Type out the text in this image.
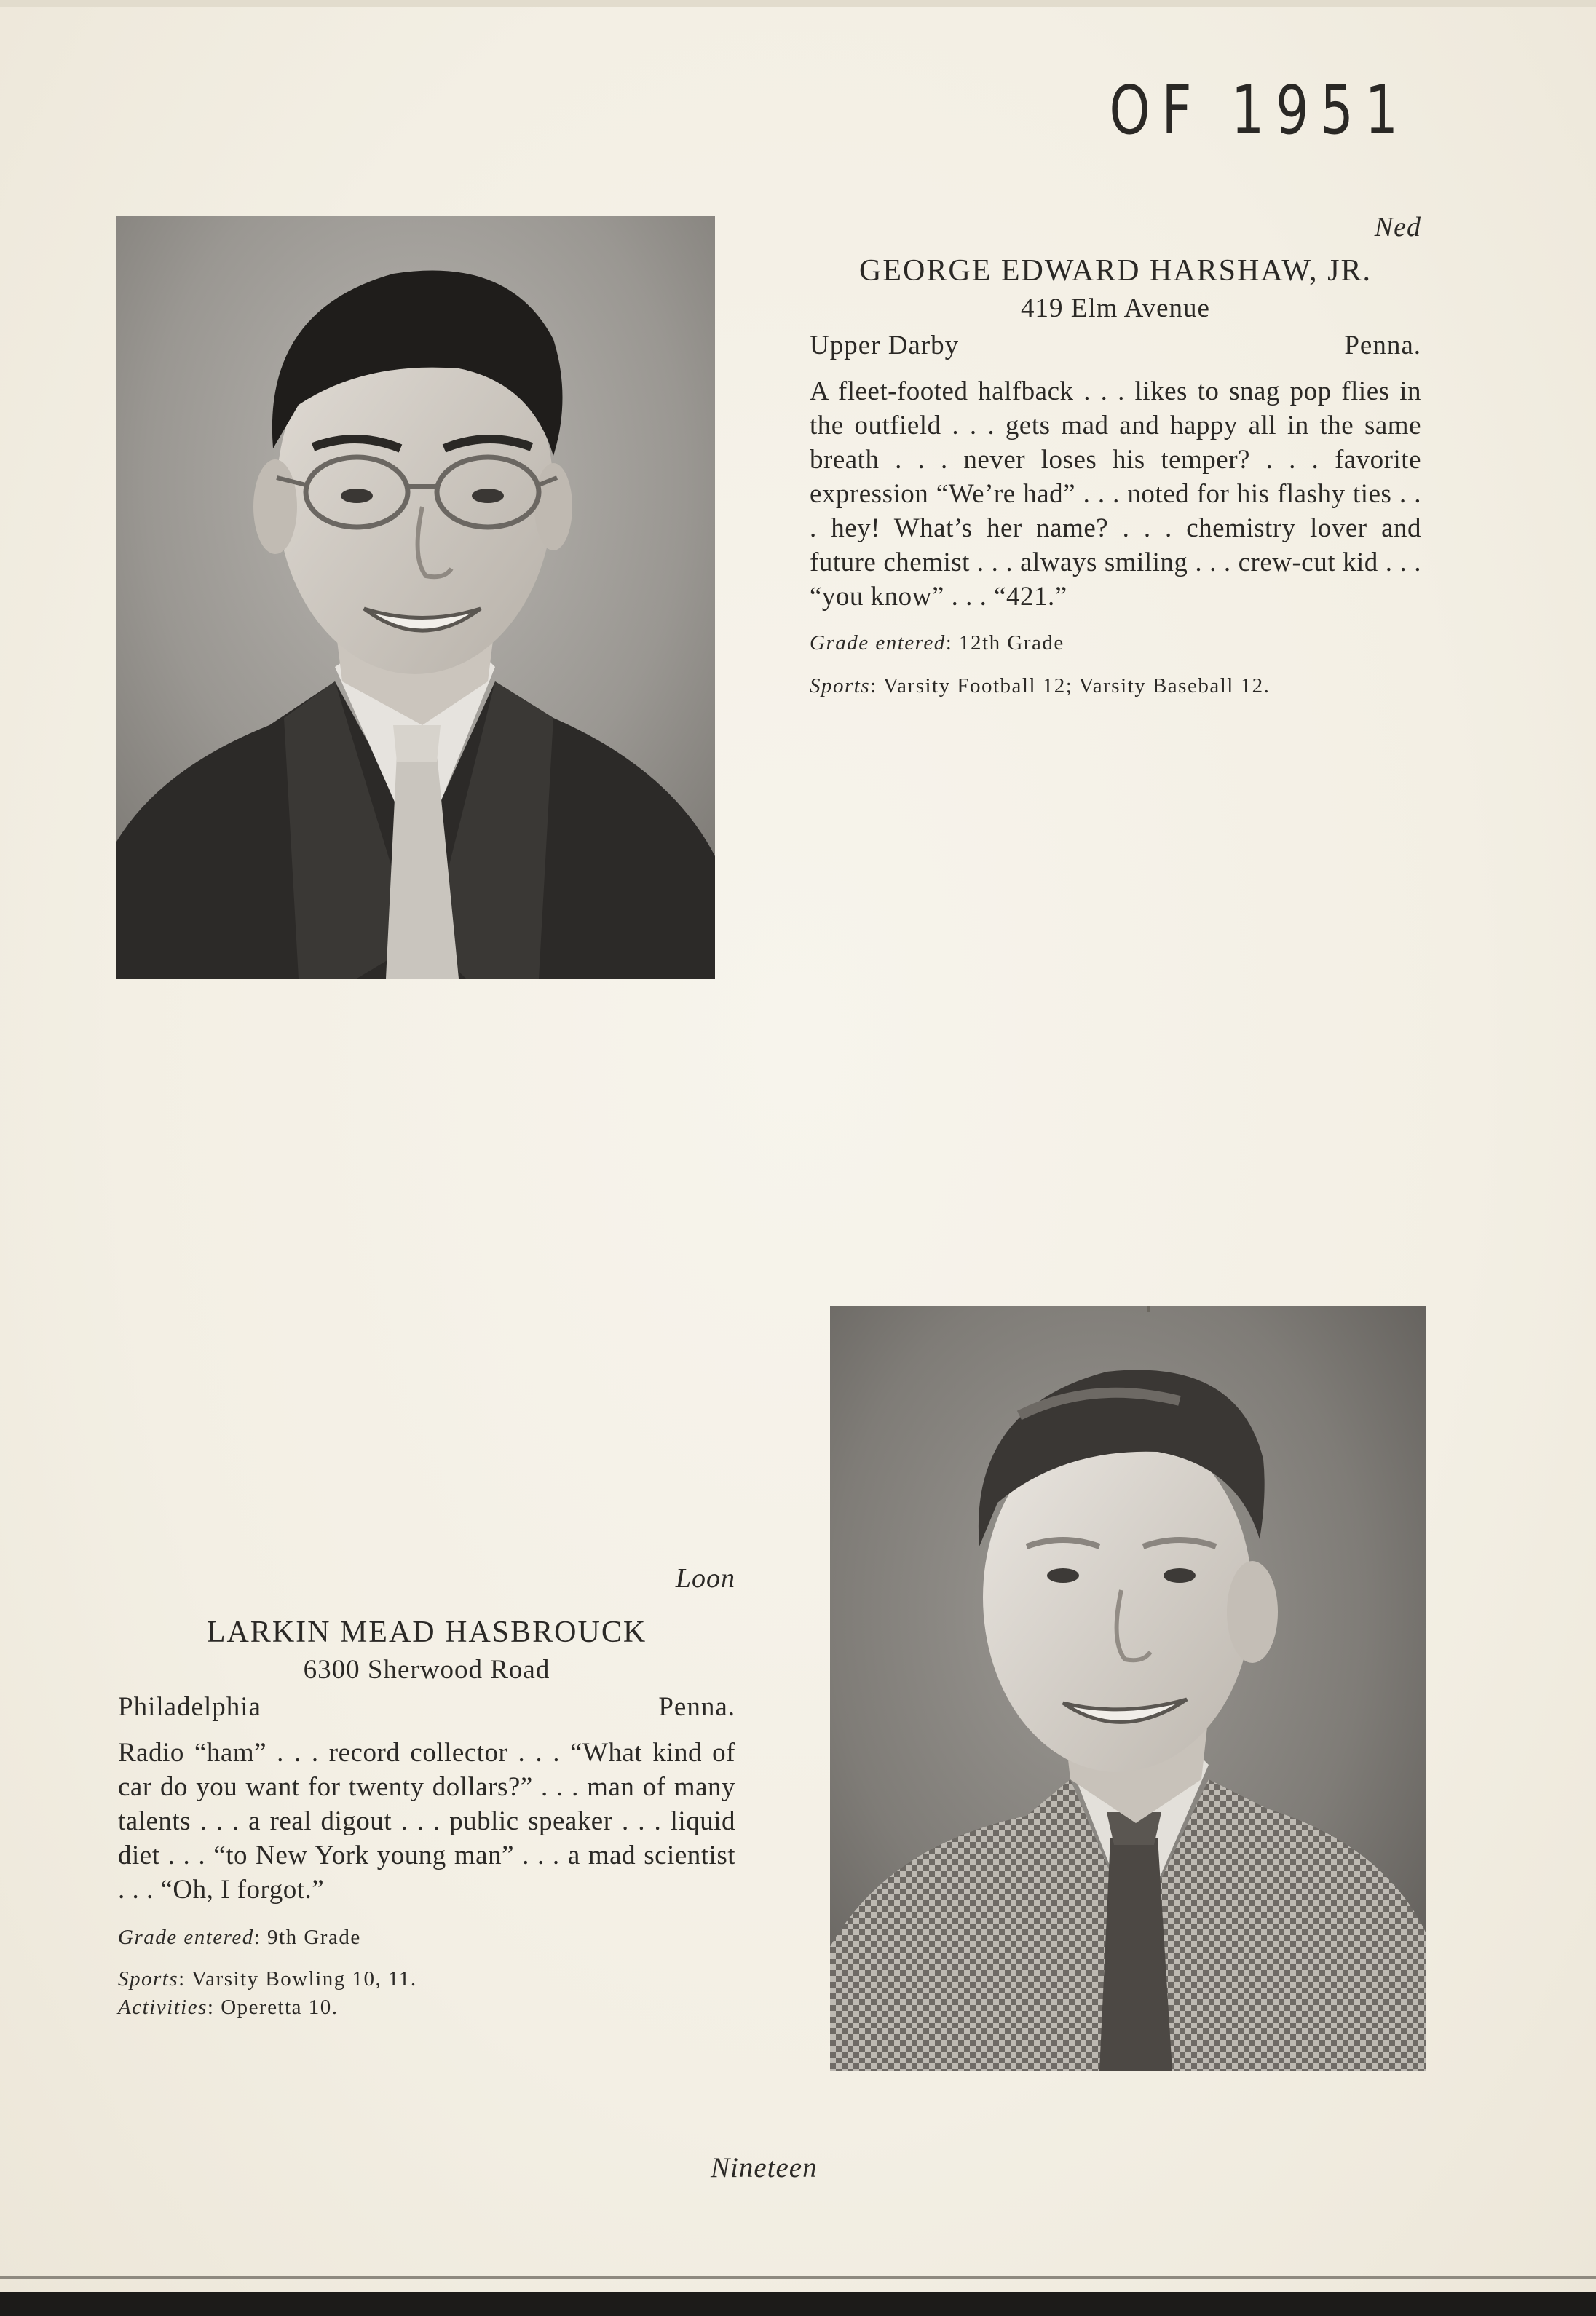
OF 1951
Ned
GEORGE EDWARD HARSHAW, JR.
419 Elm Avenue
Upper Darby	Penna.
A fleet-footed halfback . . . likes to snag pop flies in the outfield . . . gets mad and happy all in the same breath . . . never loses his temper? . . . favorite expression “We’re had” . . . noted for his flashy ties . . . hey! What’s her name? . . . chemistry lover and future chemist . . . always smiling . . . crew-cut kid . . . “you know” . . . “421.”
Grade entered: 12th Grade
Sports: Varsity Football 12; Varsity Baseball 12.
Loon
LARKIN MEAD HASBROUCK
6300 Sherwood Road
Philadelphia	Penna.
Radio “ham” . . . record collector . . . “What kind of car do you want for twenty dollars?” . . . man of many talents . . . a real digout . . . public speaker . . . liquid diet . . . “to New York young man” . . . a mad scientist . . . “Oh, I forgot.”
Grade entered: 9th Grade
Sports: Varsity Bowling 10, 11.
Activities: Operetta 10.
Nineteen
